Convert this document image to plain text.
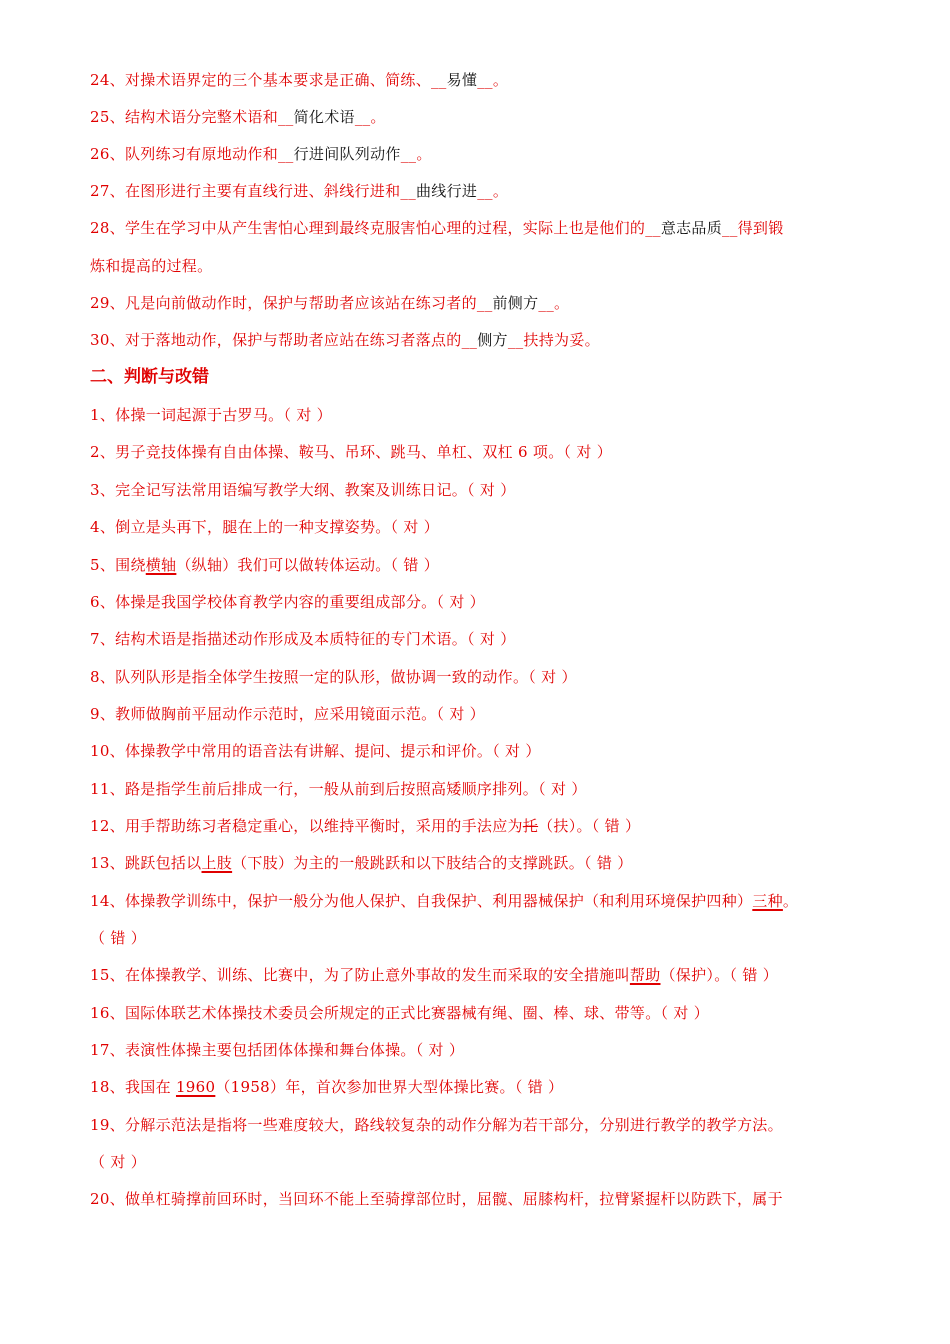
24、对操术语界定的三个基本要求是正确、简练、__易懂__。
25、结构术语分完整术语和__简化术语__。
26、队列练习有原地动作和__行进间队列动作__。
27、在图形进行主要有直线行进、斜线行进和__曲线行进__。
28、学生在学习中从产生害怕心理到最终克服害怕心理的过程，实际上也是他们的__意志品质__得到锻
炼和提高的过程。
29、凡是向前做动作时，保护与帮助者应该站在练习者的__前侧方__。
30、对于落地动作，保护与帮助者应站在练习者落点的__侧方__扶持为妥。
二、判断与改错
1、体操一词起源于古罗马。（ 对 ）
2、男子竞技体操有自由体操、鞍马、吊环、跳马、单杠、双杠 6 项。（ 对 ）
3、完全记写法常用语编写教学大纲、教案及训练日记。（ 对 ）
4、倒立是头再下，腿在上的一种支撑姿势。（ 对 ）
5、围绕横轴（纵轴）我们可以做转体运动。（ 错 ）
6、体操是我国学校体育教学内容的重要组成部分。（ 对 ）
7、结构术语是指描述动作形成及本质特征的专门术语。（ 对 ）
8、队列队形是指全体学生按照一定的队形，做协调一致的动作。（ 对 ）
9、教师做胸前平屈动作示范时，应采用镜面示范。（ 对 ）
10、体操教学中常用的语音法有讲解、提问、提示和评价。（ 对 ）
11、路是指学生前后排成一行，一般从前到后按照高矮顺序排列。（ 对 ）
12、用手帮助练习者稳定重心，以维持平衡时，采用的手法应为托（扶）。（ 错 ）
13、跳跃包括以上肢（下肢）为主的一般跳跃和以下肢结合的支撑跳跃。（ 错 ）
14、体操教学训练中，保护一般分为他人保护、自我保护、利用器械保护（和利用环境保护四种）三种。
（ 错 ）
15、在体操教学、训练、比赛中，为了防止意外事故的发生而采取的安全措施叫帮助（保护）。（ 错 ）
16、国际体联艺术体操技术委员会所规定的正式比赛器械有绳、圈、棒、球、带等。（ 对 ）
17、表演性体操主要包括团体体操和舞台体操。（ 对 ）
18、我国在 1960（1958）年，首次参加世界大型体操比赛。（ 错 ）
19、分解示范法是指将一些难度较大，路线较复杂的动作分解为若干部分，分别进行教学的教学方法。
（ 对 ）
20、做单杠骑撑前回环时，当回环不能上至骑撑部位时，屈髋、屈膝构杆，拉臂紧握杆以防跌下，属于
